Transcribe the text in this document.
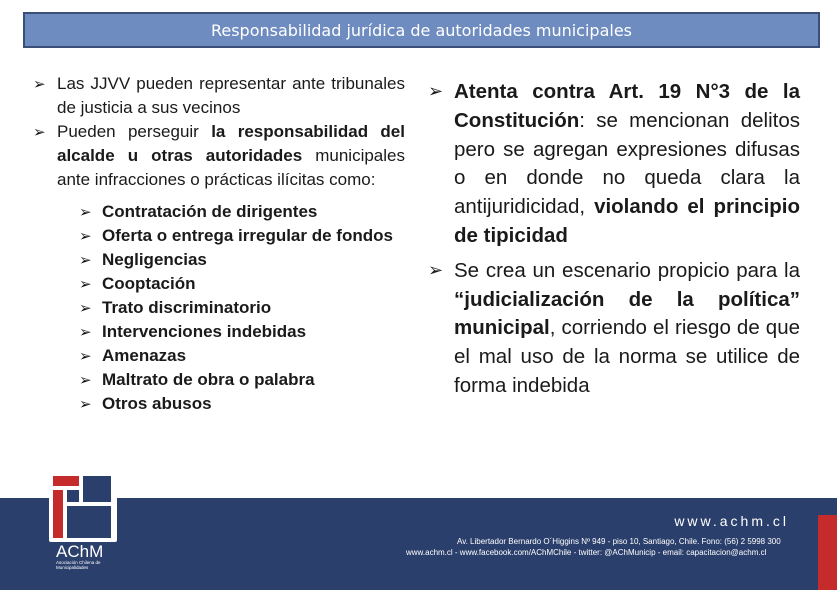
Responsabilidad jurídica de autoridades municipales
➢ Las JJVV pueden representar ante tribunales de justicia a sus vecinos
➢ Pueden perseguir la responsabilidad del alcalde u otras autoridades municipales ante infracciones o prácticas ilícitas como:
➢ Contratación de dirigentes
➢ Oferta o entrega irregular de fondos
➢ Negligencias
➢ Cooptación
➢ Trato discriminatorio
➢ Intervenciones indebidas
➢ Amenazas
➢ Maltrato de obra o palabra
➢ Otros abusos
➢ Atenta contra Art. 19 N°3 de la Constitución: se mencionan delitos pero se agregan expresiones difusas o en donde no queda clara la antijuridicidad, violando el principio de tipicidad
➢ Se crea un escenario propicio para la “judicialización de la política” municipal, corriendo el riesgo de que el mal uso de la norma se utilice de forma indebida
www.achm.cl
Av. Libertador Bernardo O´Higgins Nº 949 - piso 10, Santiago, Chile. Fono: (56) 2 5998 300
www.achm.cl - www.facebook.com/AChMChile - twitter: @AChMunicip - email: capacitacion@achm.cl
AChM
Asociación Chilena de Municipalidades
